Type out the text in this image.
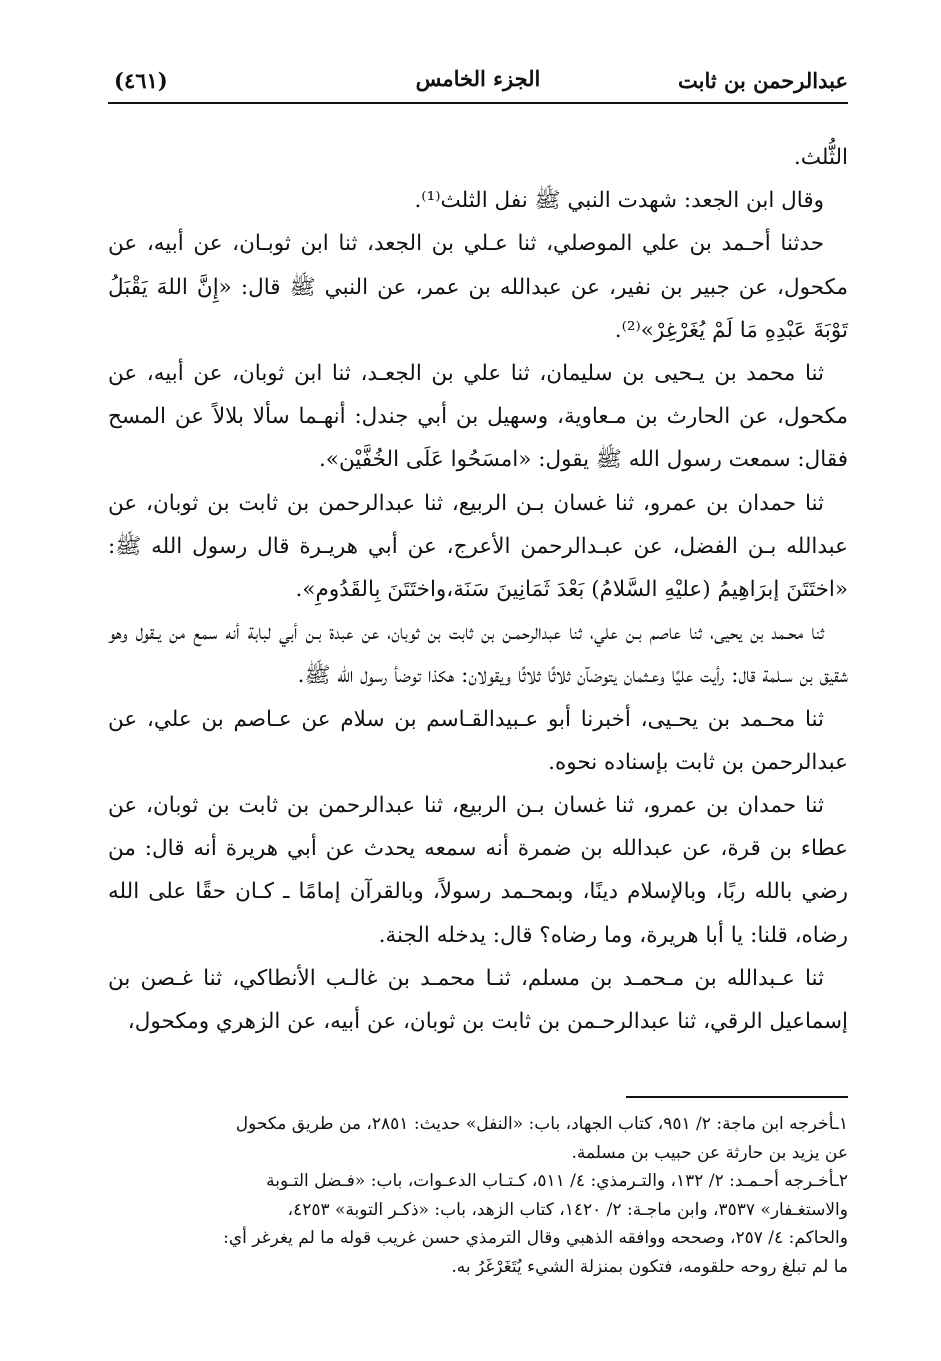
عبدالرحمن بن ثابت
الجزء الخامس
(٤٦١)

الثُّلث.

وقال ابن الجعد: شهدت النبي ﷺ نفل الثلث⁽¹⁾.

حدثنا أحـمد بن علي الموصلي، ثنا عـلي بن الجعد، ثنا ابن ثوبـان، عن أبيه، عن مكحول، عن جبير بن نفير، عن عبدالله بن عمر، عن النبي ﷺ قال: «إِنَّ اللهَ يَقْبَلُ تَوْبَةَ عَبْدِهِ مَا لَمْ يُغَرْغِرْ»⁽²⁾.

ثنا محمد بن يـحيى بن سليمان، ثنا علي بن الجعـد، ثنا ابن ثوبان، عن أبيه، عن مكحول، عن الحارث بن مـعاوية، وسهيل بن أبي جندل: أنهـما سألا بلالاً عن المسح فقال: سمعت رسول الله ﷺ يقول: «امسَحُوا عَلَى الخُفَّيْن».

ثنا حمدان بن عمرو، ثنا غسان بـن الربيع، ثنا عبدالرحمن بن ثابت بن ثوبان، عن عبدالله بـن الفضل، عن عبـدالرحمن الأعرج، عن أبي هريـرة قال رسول الله ﷺ: «اختَتَنَ إبرَاهِيمُ (عليْهِ السَّلامُ) بَعْدَ ثَمَانِينَ سَنَة،واختَتَنَ بِالقَدُومِ».

ثنا محـمد بن يحيى، ثنا عاصم بـن علي، ثنا عبدالرحمـن بن ثابت بن ثوبان، عن عبدة بـن أبي لبابة أنه سمع من يـقول وهو شقيق بن سـلمة قال: رأيت عليًا وعـثمان يتوضآن ثلاثًا ثلاثًا ويقولان: هكذا توضأ رسول الله ﷺ.

ثنا محـمد بن يحـيى، أخبرنا أبو عـبيدالقـاسم بن سلام عن عـاصم بن علي، عن عبدالرحمن بن ثابت بإسناده نحوه.

ثنا حمدان بن عمرو، ثنا غسان بـن الربيع، ثنا عبدالرحمن بن ثابت بن ثوبان، عن عطاء بن قرة، عن عبدالله بن ضمرة أنه سمعه يحدث عن أبي هريرة أنه قال: من رضي بالله ربًا، وبالإسلام دينًا، وبمحـمد رسولاً، وبالقرآن إمامًا ـ كـان حقًا على الله رضاه، قلنا: يا أبا هريرة، وما رضاه؟ قال: يدخله الجنة.

ثنا عـبدالله بن مـحمـد بن مسلم، ثنـا محمـد بن غالـب الأنطاكي، ثنا غـصن بن إسماعيل الرقي، ثنا عبدالرحـمن بن ثابت بن ثوبان، عن أبيه، عن الزهري ومكحول،

١ـأخرجه ابن ماجة: ٢/ ٩٥١، كتاب الجهاد، باب: «النفل» حديث: ٢٨٥١، من طريق مكحول

عن يزيد بن حارثة عن حبيب بن مسلمة.

٢ـأخـرجه أحـمـد: ٢/ ١٣٢، والتـرمذي: ٤/ ٥١١، كـتـاب الدعـوات، باب: «فـضل التـوبة

والاستغـفار» ٣٥٣٧، وابن ماجـة: ٢/ ١٤٢٠، كتاب الزهد، باب: «ذكـر التوبة» ٤٢٥٣،

والحاكم: ٤/ ٢٥٧، وصححه ووافقه الذهبي وقال الترمذي حسن غريب قوله ما لم يغرغر أي:

ما لم تبلغ روحه حلقومه، فتكون بمنزلة الشيء يُتَغَرْغَرُ به.
